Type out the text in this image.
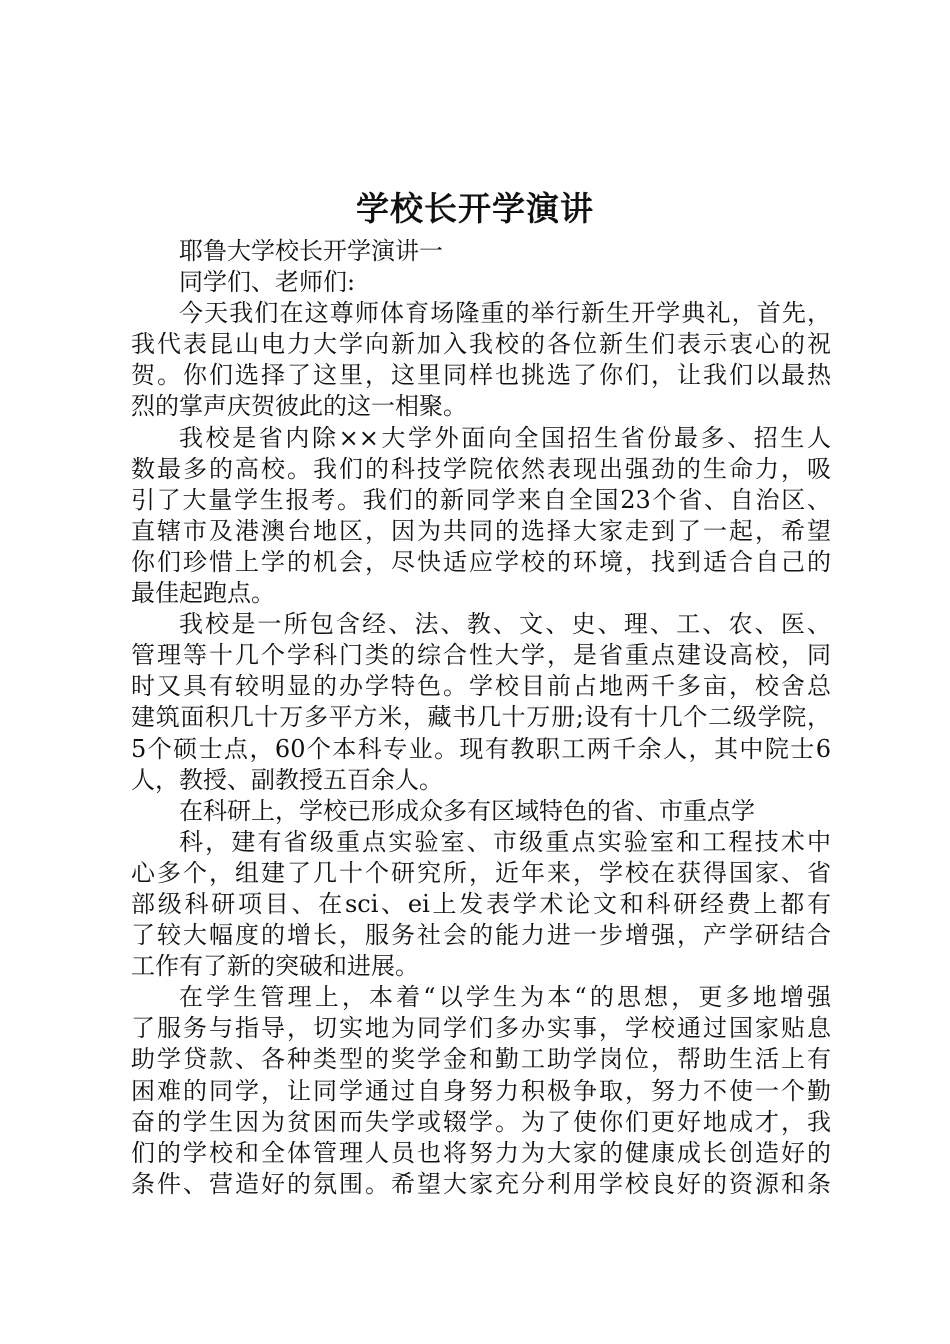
学校长开学演讲
耶鲁大学校长开学演讲一
同学们、老师们:
今天我们在这尊师体育场隆重的举行新生开学典礼，首先，
我代表昆山电力大学向新加入我校的各位新生们表示衷心的祝
贺。你们选择了这里，这里同样也挑选了你们，让我们以最热
烈的掌声庆贺彼此的这一相聚。
我校是省内除××大学外面向全国招生省份最多、招生人
数最多的高校。我们的科技学院依然表现出强劲的生命力，吸
引了大量学生报考。我们的新同学来自全国23个省、自治区、
直辖市及港澳台地区，因为共同的选择大家走到了一起，希望
你们珍惜上学的机会，尽快适应学校的环境，找到适合自己的
最佳起跑点。
我校是一所包含经、法、教、文、史、理、工、农、医、
管理等十几个学科门类的综合性大学，是省重点建设高校，同
时又具有较明显的办学特色。学校目前占地两千多亩，校舍总
建筑面积几十万多平方米，藏书几十万册;设有十几个二级学院，
5个硕士点，60个本科专业。现有教职工两千余人，其中院士6
人，教授、副教授五百余人。
在科研上，学校已形成众多有区域特色的省、市重点学
科，建有省级重点实验室、市级重点实验室和工程技术中
心多个，组建了几十个研究所，近年来，学校在获得国家、省
部级科研项目、在sci、ei上发表学术论文和科研经费上都有
了较大幅度的增长，服务社会的能力进一步增强，产学研结合
工作有了新的突破和进展。
在学生管理上，本着“以学生为本“的思想，更多地增强
了服务与指导，切实地为同学们多办实事，学校通过国家贴息
助学贷款、各种类型的奖学金和勤工助学岗位，帮助生活上有
困难的同学，让同学通过自身努力积极争取，努力不使一个勤
奋的学生因为贫困而失学或辍学。为了使你们更好地成才，我
们的学校和全体管理人员也将努力为大家的健康成长创造好的
条件、营造好的氛围。希望大家充分利用学校良好的资源和条
